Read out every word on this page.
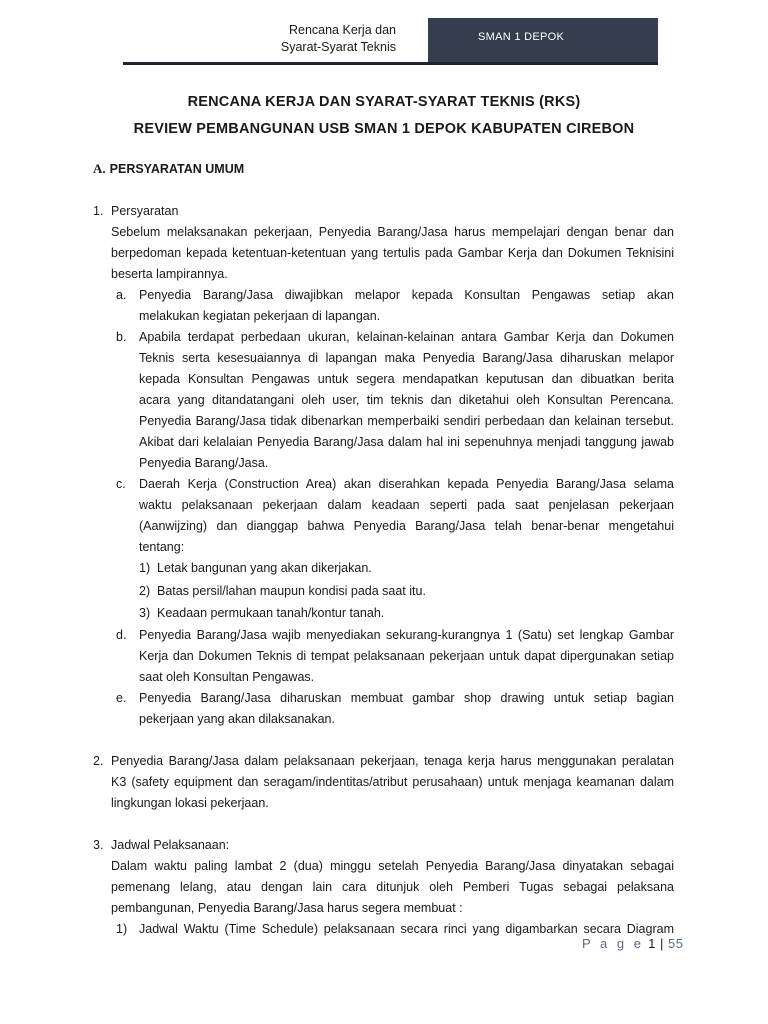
Rencana Kerja dan
Syarat-Syarat Teknis
SMAN 1 DEPOK
RENCANA KERJA DAN SYARAT-SYARAT TEKNIS (RKS)
REVIEW PEMBANGUNAN USB SMAN 1 DEPOK KABUPATEN CIREBON
A. PERSYARATAN UMUM
1. Persyaratan
Sebelum melaksanakan pekerjaan, Penyedia Barang/Jasa harus mempelajari dengan benar dan
berpedoman kepada ketentuan-ketentuan yang tertulis pada Gambar Kerja dan Dokumen Teknisini
beserta lampirannya.
a. Penyedia Barang/Jasa diwajibkan melapor kepada Konsultan Pengawas setiap akan
melakukan kegiatan pekerjaan di lapangan.
b. Apabila terdapat perbedaan ukuran, kelainan-kelainan antara Gambar Kerja dan Dokumen
Teknis serta kesesuaiannya di lapangan maka Penyedia Barang/Jasa diharuskan melapor
kepada Konsultan Pengawas untuk segera mendapatkan keputusan dan dibuatkan berita
acara yang ditandatangani oleh user, tim teknis dan diketahui oleh Konsultan Perencana.
Penyedia Barang/Jasa tidak dibenarkan memperbaiki sendiri perbedaan dan kelainan tersebut.
Akibat dari kelalaian Penyedia Barang/Jasa dalam hal ini sepenuhnya menjadi tanggung jawab
Penyedia Barang/Jasa.
c. Daerah Kerja (Construction Area) akan diserahkan kepada Penyedia Barang/Jasa selama
waktu pelaksanaan pekerjaan dalam keadaan seperti pada saat penjelasan pekerjaan
(Aanwijzing) dan dianggap bahwa Penyedia Barang/Jasa telah benar-benar mengetahui
tentang:
1) Letak bangunan yang akan dikerjakan.
2) Batas persil/lahan maupun kondisi pada saat itu.
3) Keadaan permukaan tanah/kontur tanah.
d. Penyedia Barang/Jasa wajib menyediakan sekurang-kurangnya 1 (Satu) set lengkap Gambar
Kerja dan Dokumen Teknis di tempat pelaksanaan pekerjaan untuk dapat dipergunakan setiap
saat oleh Konsultan Pengawas.
e. Penyedia Barang/Jasa diharuskan membuat gambar shop drawing untuk setiap bagian
pekerjaan yang akan dilaksanakan.
2. Penyedia Barang/Jasa dalam pelaksanaan pekerjaan, tenaga kerja harus menggunakan peralatan
K3 (safety equipment dan seragam/indentitas/atribut perusahaan) untuk menjaga keamanan dalam
lingkungan lokasi pekerjaan.
3. Jadwal Pelaksanaan:
Dalam waktu paling lambat 2 (dua) minggu setelah Penyedia Barang/Jasa dinyatakan sebagai
pemenang lelang, atau dengan lain cara ditunjuk oleh Pemberi Tugas sebagai pelaksana
pembangunan, Penyedia Barang/Jasa harus segera membuat :
1) Jadwal Waktu (Time Schedule) pelaksanaan secara rinci yang digambarkan secara Diagram
P a g e 1 | 55
